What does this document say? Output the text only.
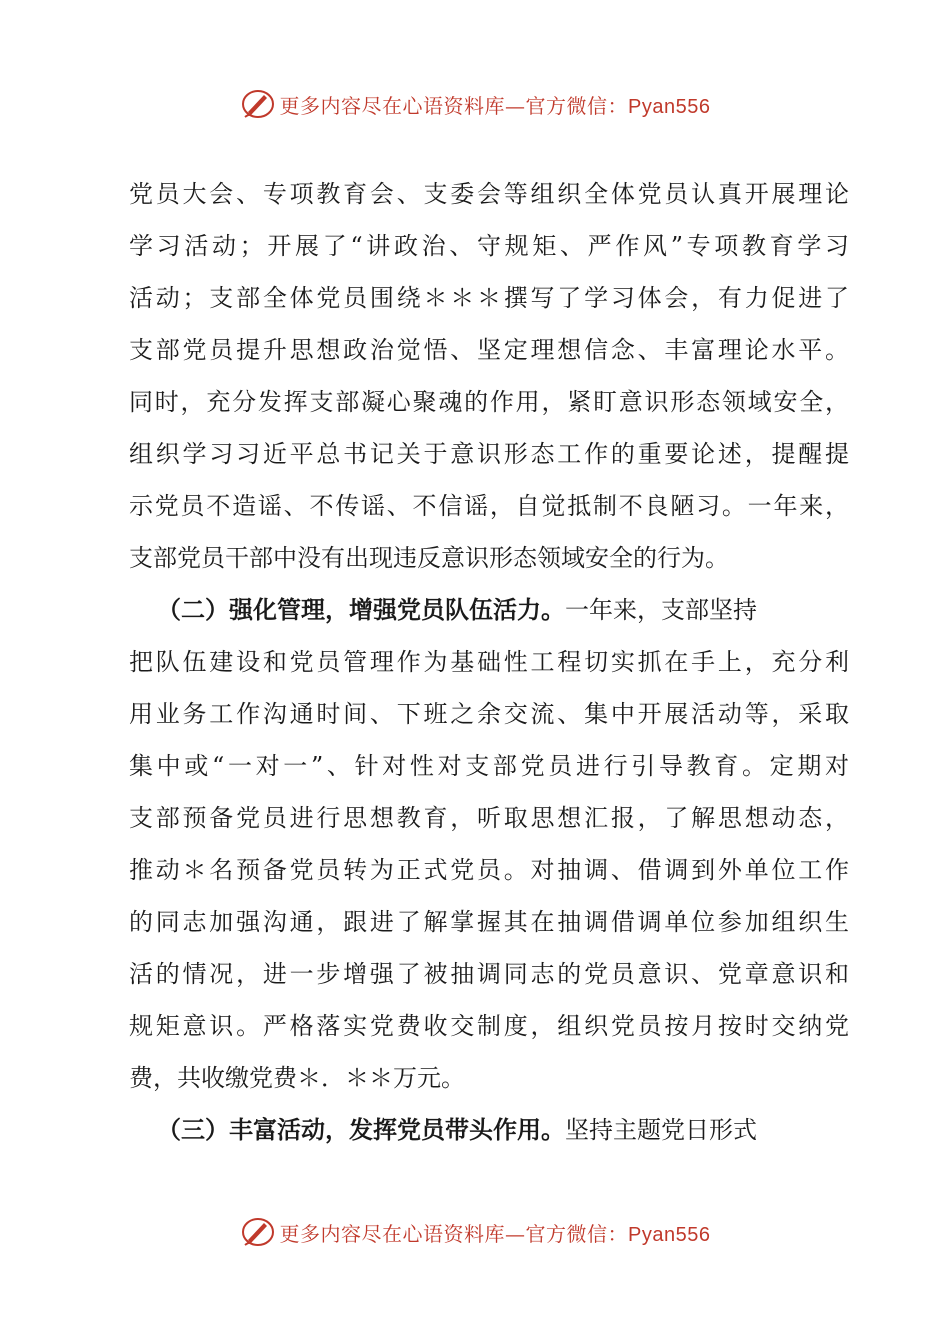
更多内容尽在心语资料库—官方微信：Pyan556
党员大会、专项教育会、支委会等组织全体党员认真开展理论
学习活动；开展了“讲政治、守规矩、严作风”专项教育学习
活动；支部全体党员围绕＊＊＊撰写了学习体会，有力促进了
支部党员提升思想政治觉悟、坚定理想信念、丰富理论水平。
同时，充分发挥支部凝心聚魂的作用，紧盯意识形态领域安全，
组织学习习近平总书记关于意识形态工作的重要论述，提醒提
示党员不造谣、不传谣、不信谣，自觉抵制不良陋习。一年来，
支部党员干部中没有出现违反意识形态领域安全的行为。
（二）强化管理，增强党员队伍活力。一年来，支部坚持
把队伍建设和党员管理作为基础性工程切实抓在手上，充分利
用业务工作沟通时间、下班之余交流、集中开展活动等，采取
集中或“一对一”、针对性对支部党员进行引导教育。定期对
支部预备党员进行思想教育，听取思想汇报，了解思想动态，
推动＊名预备党员转为正式党员。对抽调、借调到外单位工作
的同志加强沟通，跟进了解掌握其在抽调借调单位参加组织生
活的情况，进一步增强了被抽调同志的党员意识、党章意识和
规矩意识。严格落实党费收交制度，组织党员按月按时交纳党
费，共收缴党费＊．＊＊万元。
（三）丰富活动，发挥党员带头作用。坚持主题党日形式
更多内容尽在心语资料库—官方微信：Pyan556
